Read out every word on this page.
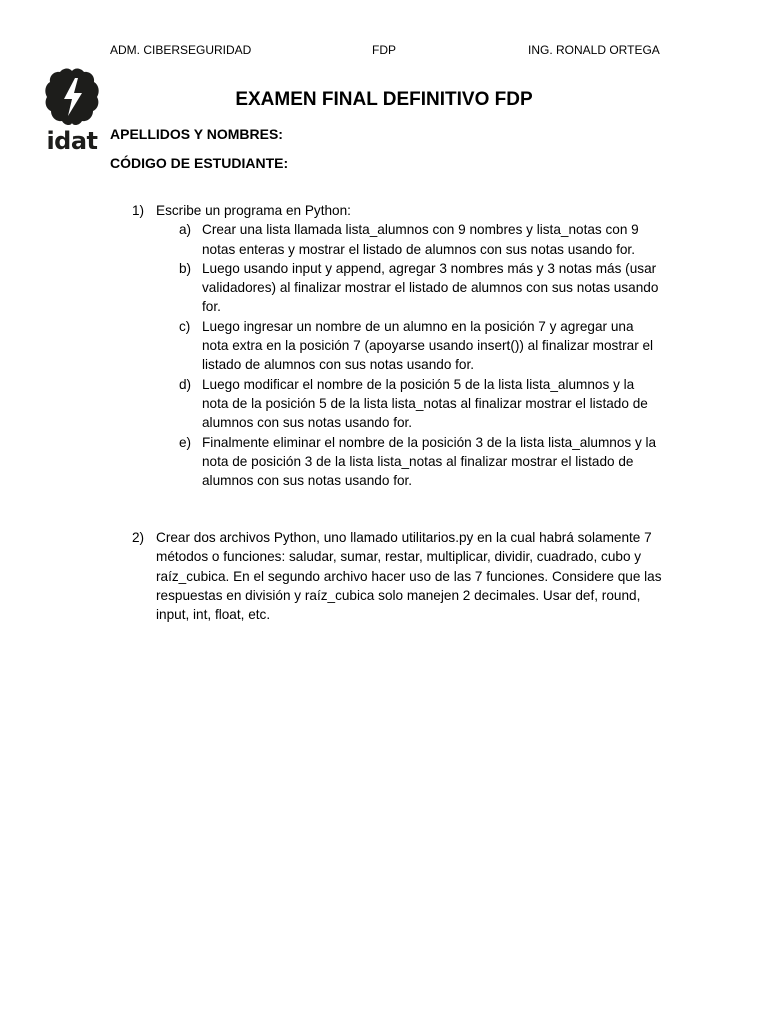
ADM. CIBERSEGURIDAD	FDP	ING. RONALD ORTEGA
idat
EXAMEN FINAL DEFINITIVO FDP

APELLIDOS Y NOMBRES:

CÓDIGO DE ESTUDIANTE:

1) Escribe un programa en Python:
a) Crear una lista llamada lista_alumnos con 9 nombres y lista_notas con 9 notas enteras y mostrar el listado de alumnos con sus notas usando for.
b) Luego usando input y append, agregar 3 nombres más y 3 notas más (usar validadores) al finalizar mostrar el listado de alumnos con sus notas usando for.
c) Luego ingresar un nombre de un alumno en la posición 7 y agregar una nota extra en la posición 7 (apoyarse usando insert()) al finalizar mostrar el listado de alumnos con sus notas usando for.
d) Luego modificar el nombre de la posición 5 de la lista lista_alumnos y la nota de la posición 5 de la lista lista_notas al finalizar mostrar el listado de alumnos con sus notas usando for.
e) Finalmente eliminar el nombre de la posición 3 de la lista lista_alumnos y la nota de posición 3 de la lista lista_notas al finalizar mostrar el listado de alumnos con sus notas usando for.
2) Crear dos archivos Python, uno llamado utilitarios.py en la cual habrá solamente 7 métodos o funciones: saludar, sumar, restar, multiplicar, dividir, cuadrado, cubo y raíz_cubica. En el segundo archivo hacer uso de las 7 funciones. Considere que las respuestas en división y raíz_cubica solo manejen 2 decimales. Usar def, round, input, int, float, etc.
